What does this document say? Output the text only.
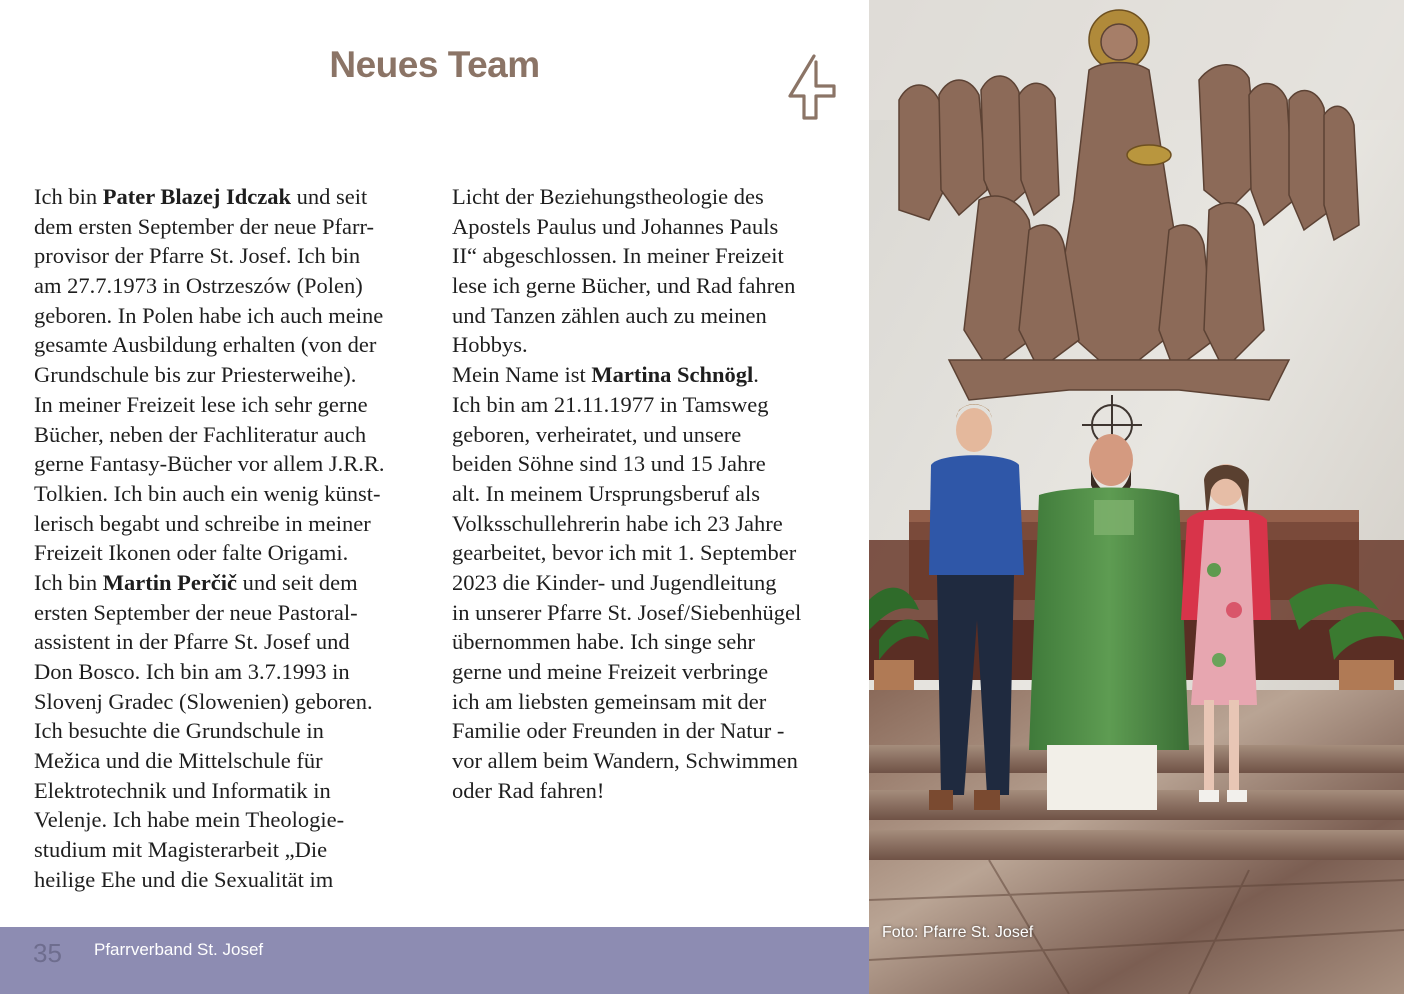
Neues Team
Ich bin Pater Blazej Idczak und seit
dem ersten September der neue Pfarr-
provisor der Pfarre St. Josef. Ich bin
am 27.7.1973 in Ostrzeszów (Polen)
geboren. In Polen habe ich auch meine
gesamte Ausbildung erhalten (von der
Grundschule bis zur Priesterweihe).
In meiner Freizeit lese ich sehr gerne
Bücher, neben der Fachliteratur auch
gerne Fantasy-Bücher vor allem J.R.R.
Tolkien. Ich bin auch ein wenig künst-
lerisch begabt und schreibe in meiner
Freizeit Ikonen oder falte Origami.
Ich bin Martin Perčič und seit dem
ersten September der neue Pastoral-
assistent in der Pfarre St. Josef und
Don Bosco. Ich bin am 3.7.1993 in
Slovenj Gradec (Slowenien) geboren.
Ich besuchte die Grundschule in
Mežica und die Mittelschule für
Elektrotechnik und Informatik in
Velenje. Ich habe mein Theologie-
studium mit Magisterarbeit „Die
heilige Ehe und die Sexualität im
Licht der Beziehungstheologie des
Apostels Paulus und Johannes Pauls
II“ abgeschlossen. In meiner Freizeit
lese ich gerne Bücher, und Rad fahren
und Tanzen zählen auch zu meinen
Hobbys.
Mein Name ist Martina Schnögl.
Ich bin am 21.11.1977 in Tamsweg
geboren, verheiratet, und unsere
beiden Söhne sind 13 und 15 Jahre
alt. In meinem Ursprungsberuf als
Volksschullehrerin habe ich 23 Jahre
gearbeitet, bevor ich mit 1. September
2023 die Kinder- und Jugendleitung
in unserer Pfarre St. Josef/Siebenhügel
übernommen habe. Ich singe sehr
gerne und meine Freizeit verbringe
ich am liebsten gemeinsam mit der
Familie oder Freunden in der Natur -
vor allem beim Wandern, Schwimmen
oder Rad fahren!
35 Pfarrverband St. Josef
Foto: Pfarre St. Josef
